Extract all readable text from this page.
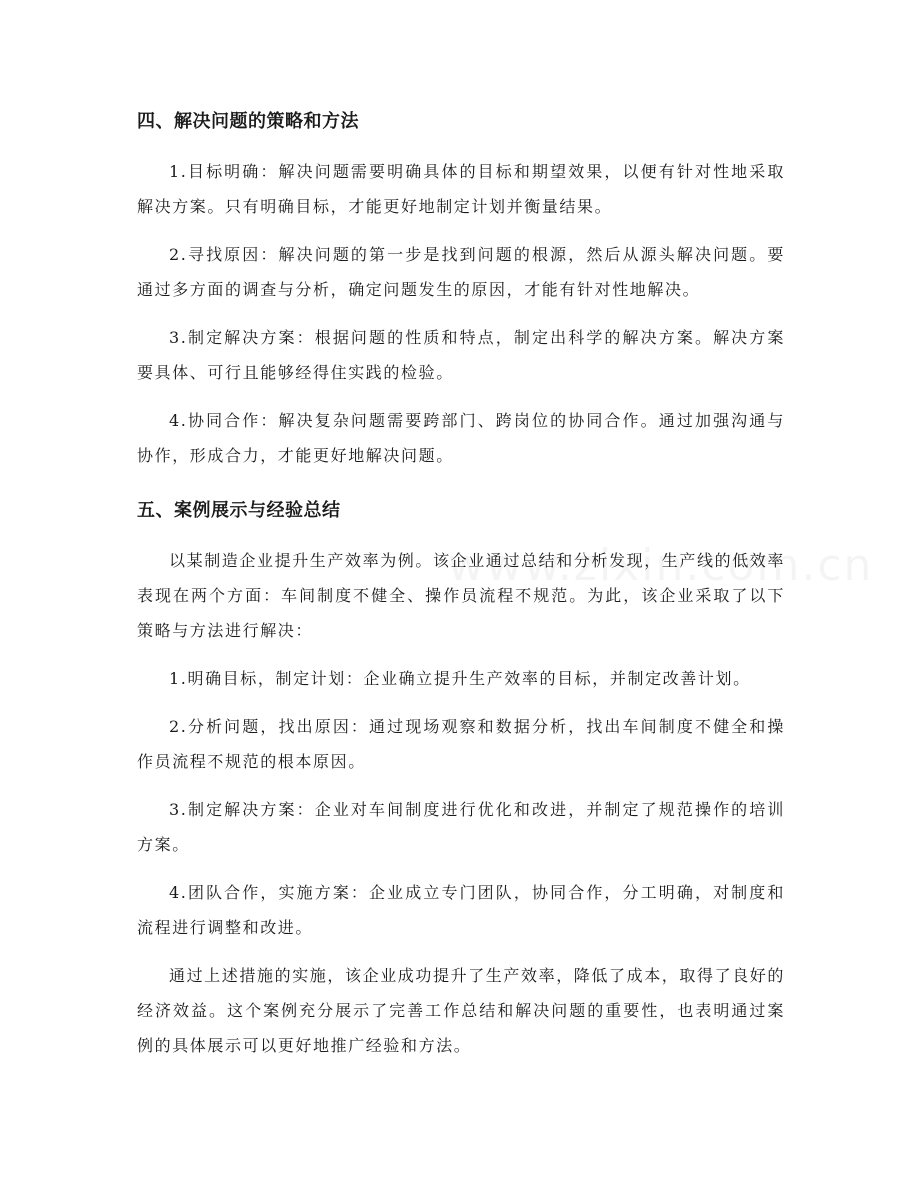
四、解决问题的策略和方法

1.目标明确：解决问题需要明确具体的目标和期望效果，以便有针对性地采取解决方案。只有明确目标，才能更好地制定计划并衡量结果。

2.寻找原因：解决问题的第一步是找到问题的根源，然后从源头解决问题。要通过多方面的调查与分析，确定问题发生的原因，才能有针对性地解决。

3.制定解决方案：根据问题的性质和特点，制定出科学的解决方案。解决方案要具体、可行且能够经得住实践的检验。

4.协同合作：解决复杂问题需要跨部门、跨岗位的协同合作。通过加强沟通与协作，形成合力，才能更好地解决问题。

五、案例展示与经验总结

以某制造企业提升生产效率为例。该企业通过总结和分析发现，生产线的低效率表现在两个方面：车间制度不健全、操作员流程不规范。为此，该企业采取了以下策略与方法进行解决：

1.明确目标，制定计划：企业确立提升生产效率的目标，并制定改善计划。

2.分析问题，找出原因：通过现场观察和数据分析，找出车间制度不健全和操作员流程不规范的根本原因。

3.制定解决方案：企业对车间制度进行优化和改进，并制定了规范操作的培训方案。

4.团队合作，实施方案：企业成立专门团队，协同合作，分工明确，对制度和流程进行调整和改进。

通过上述措施的实施，该企业成功提升了生产效率，降低了成本，取得了良好的经济效益。这个案例充分展示了完善工作总结和解决问题的重要性，也表明通过案例的具体展示可以更好地推广经验和方法。
